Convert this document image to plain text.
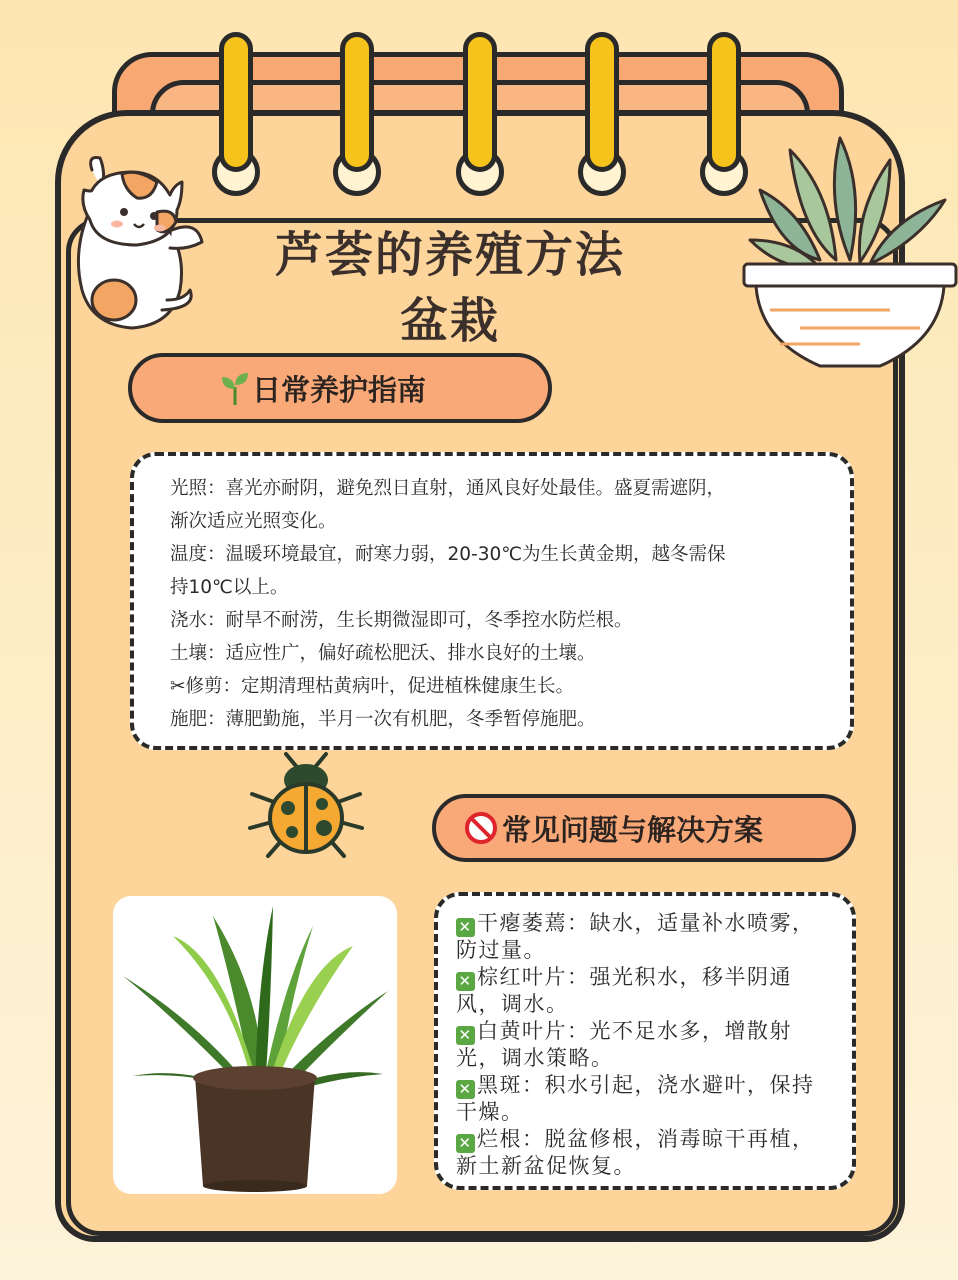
芦荟的养殖方法
盆栽
日常养护指南

光照：喜光亦耐阴，避免烈日直射，通风良好处最佳。盛夏需遮阴，

渐次适应光照变化。

温度：温暖环境最宜，耐寒力弱，20-30℃为生长黄金期，越冬需保

持10℃以上。

浇水：耐旱不耐涝，生长期微湿即可，冬季控水防烂根。

土壤：适应性广，偏好疏松肥沃、排水良好的土壤。

✂修剪：定期清理枯黄病叶，促进植株健康生长。

施肥：薄肥勤施，半月一次有机肥，冬季暂停施肥。

常见问题与解决方案

✕ 干瘪萎蔫：缺水，适量补水喷雾，

防过量。

✕ 棕红叶片：强光积水，移半阴通

风，调水。

✕ 白黄叶片：光不足水多，增散射

光，调水策略。

✕ 黑斑：积水引起，浇水避叶，保持

干燥。

✕ 烂根：脱盆修根，消毒晾干再植，

新土新盆促恢复。
